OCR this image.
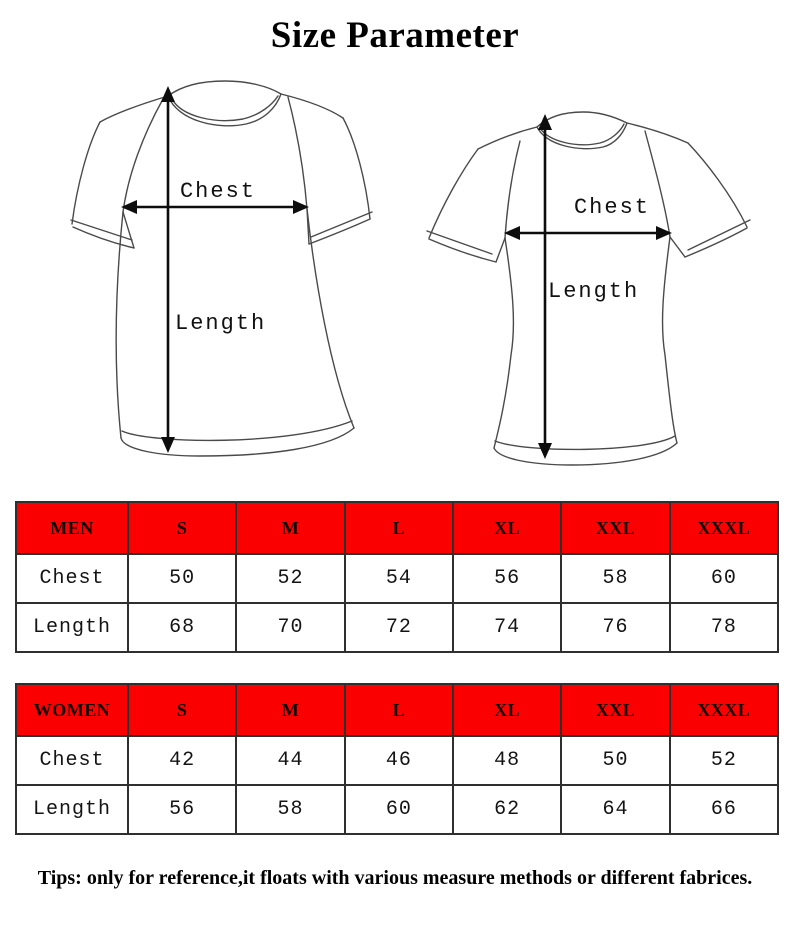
Size Parameter
Chest
Length
Chest
Length
MEN	S	M	L	XL	XXL	XXXL
Chest	50	52	54	56	58	60
Length	68	70	72	74	76	78
WOMEN	S	M	L	XL	XXL	XXXL
Chest	42	44	46	48	50	52
Length	56	58	60	62	64	66
Tips: only for reference,it floats with various measure methods or different fabrices.
